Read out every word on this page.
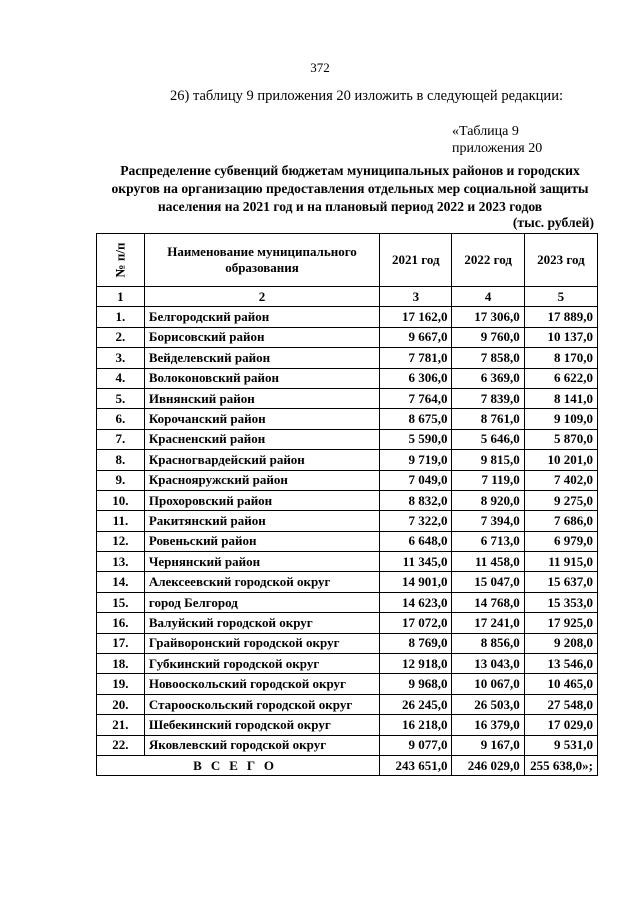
372
26) таблицу 9 приложения 20 изложить в следующей редакции:
«Таблица 9
приложения 20
Распределение субвенций бюджетам муниципальных районов и городских округов на организацию предоставления отдельных мер социальной защиты населения на 2021 год и на плановый период 2022 и 2023 годов
(тыс. рублей)
№ п/п	Наименование муниципального образования	2021 год	2022 год	2023 год
1	2	3	4	5
1.	Белгородский район	17 162,0	17 306,0	17 889,0
2.	Борисовский район	9 667,0	9 760,0	10 137,0
3.	Вейделевский район	7 781,0	7 858,0	8 170,0
4.	Волоконовский район	6 306,0	6 369,0	6 622,0
5.	Ивнянский район	7 764,0	7 839,0	8 141,0
6.	Корочанский район	8 675,0	8 761,0	9 109,0
7.	Красненский район	5 590,0	5 646,0	5 870,0
8.	Красногвардейский район	9 719,0	9 815,0	10 201,0
9.	Краснояружский район	7 049,0	7 119,0	7 402,0
10.	Прохоровский район	8 832,0	8 920,0	9 275,0
11.	Ракитянский район	7 322,0	7 394,0	7 686,0
12.	Ровеньский район	6 648,0	6 713,0	6 979,0
13.	Чернянский район	11 345,0	11 458,0	11 915,0
14.	Алексеевский городской округ	14 901,0	15 047,0	15 637,0
15.	город Белгород	14 623,0	14 768,0	15 353,0
16.	Валуйский городской округ	17 072,0	17 241,0	17 925,0
17.	Грайворонский городской округ	8 769,0	8 856,0	9 208,0
18.	Губкинский городской округ	12 918,0	13 043,0	13 546,0
19.	Новооскольский городской округ	9 968,0	10 067,0	10 465,0
20.	Старооскольский городской округ	26 245,0	26 503,0	27 548,0
21.	Шебекинский городской округ	16 218,0	16 379,0	17 029,0
22.	Яковлевский городской округ	9 077,0	9 167,0	9 531,0
ВСЕГО		243 651,0	246 029,0	255 638,0»;
